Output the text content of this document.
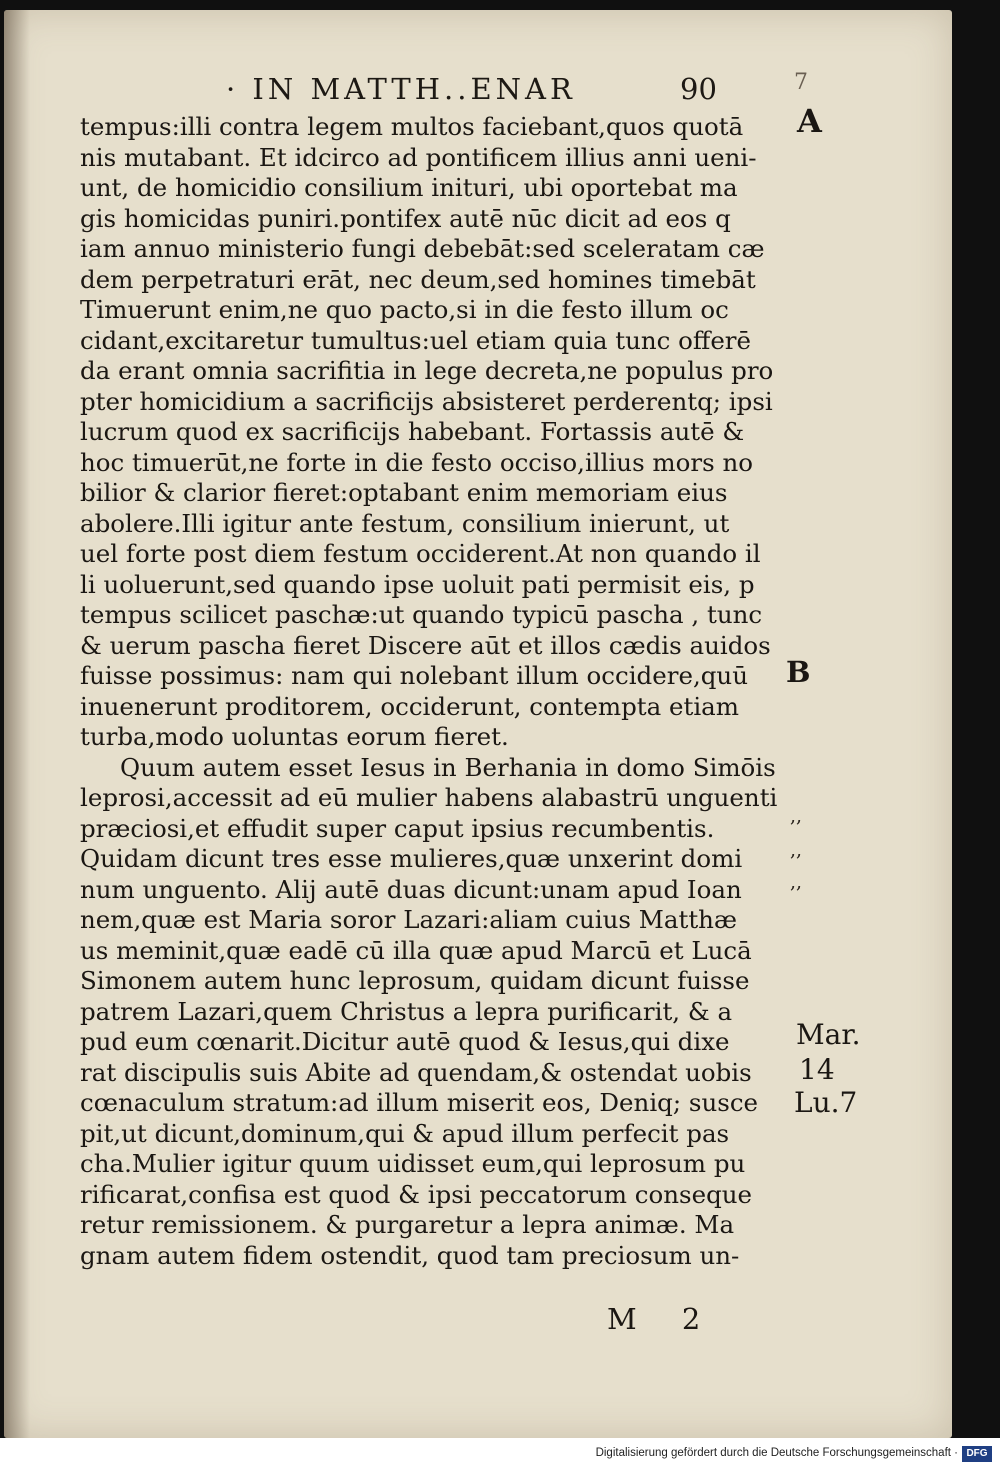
· IN MATTH..ENAR	90	7
tempus:illi contra legem multos faciebant,quos quotā
nis mutabant. Et idcirco ad pontificem illius anni ueni-
unt, de homicidio consilium inituri, ubi oportebat ma
gis homicidas puniri.pontifex autē nūc dicit ad eos q
iam annuo ministerio fungi debebāt:sed sceleratam cæ
dem perpetraturi erāt, nec deum,sed homines timebāt
Timuerunt enim,ne quo pacto,si in die festo illum oc
cidant,excitaretur tumultus:uel etiam quia tunc offerē
da erant omnia sacrifitia in lege decreta,ne populus pro
pter homicidium a sacrificijs absisteret perderentq; ipsi
lucrum quod ex sacrificijs habebant. Fortassis autē &
hoc timuerūt,ne forte in die festo occiso,illius mors no
bilior & clarior fieret:optabant enim memoriam eius
abolere.Illi igitur ante festum, consilium inierunt, ut
uel forte post diem festum occiderent.At non quando il
li uoluerunt,sed quando ipse uoluit pati permisit eis, p
tempus scilicet paschæ:ut quando typicū pascha , tunc
& uerum pascha fieret Discere aūt et illos cædis auidos
fuisse possimus: nam qui nolebant illum occidere,quū
inuenerunt proditorem, occiderunt, contempta etiam
turba,modo uoluntas eorum fieret.
Quum autem esset Iesus in Berhania in domo Simōis
leprosi,accessit ad eū mulier habens alabastrū unguenti
præciosi,et effudit super caput ipsius recumbentis.
Quidam dicunt tres esse mulieres,quæ unxerint domi
num unguento. Alij autē duas dicunt:unam apud Ioan
nem,quæ est Maria soror Lazari:aliam cuius Matthæ
us meminit,quæ eadē cū illa quæ apud Marcū et Lucā
Simonem autem hunc leprosum, quidam dicunt fuisse
patrem Lazari,quem Christus a lepra purificarit, & a
pud eum cœnarit.Dicitur autē quod & Iesus,qui dixe
rat discipulis suis Abite ad quendam,& ostendat uobis
cœnaculum stratum:ad illum miserit eos, Deniq; susce
pit,ut dicunt,dominum,qui & apud illum perfecit pas
cha.Mulier igitur quum uidisset eum,qui leprosum pu
rificarat,confisa est quod & ipsi peccatorum conseque
retur remissionem. & purgaretur a lepra animæ. Ma
gnam autem fidem ostendit, quod tam preciosum un-
A
B
,,
,,
,,
Mar.
14
Lu.7
M 2
Digitalisierung gefördert durch die Deutsche Forschungsgemeinschaft · DFG
